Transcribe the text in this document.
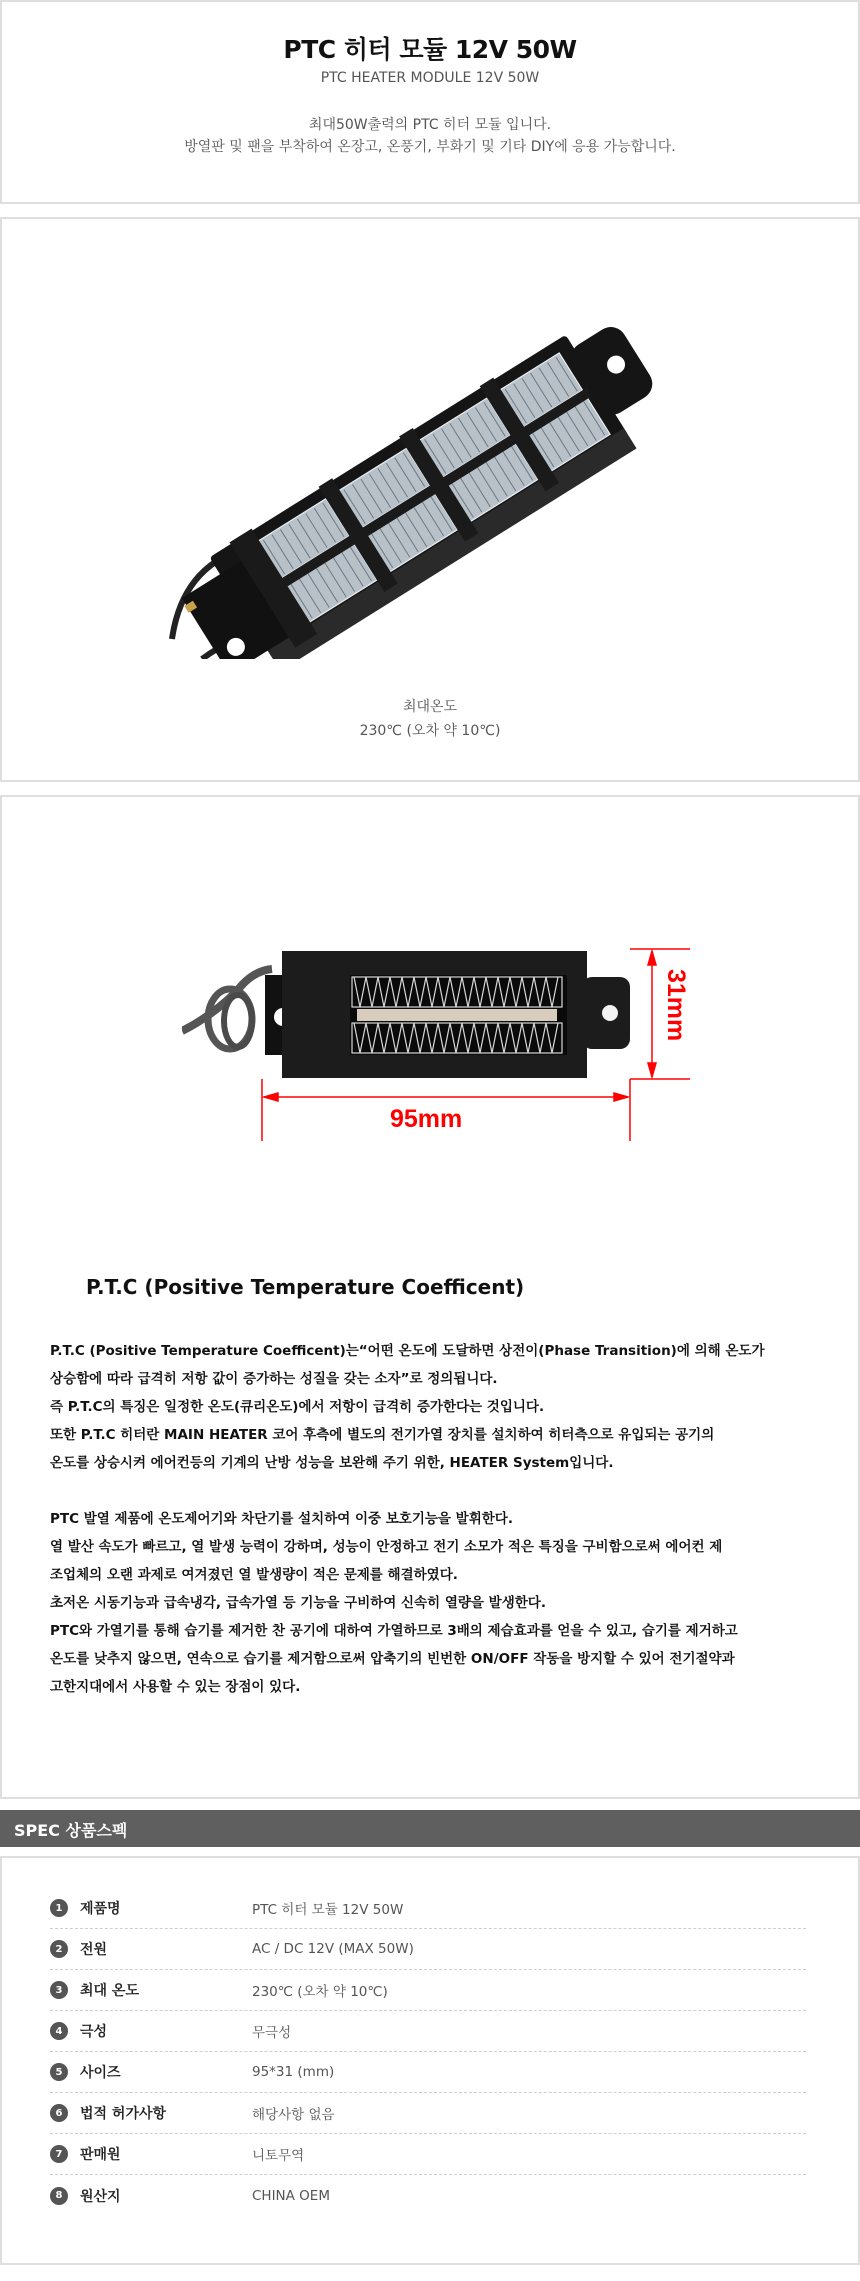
PTC 히터 모듈 12V 50W
PTC HEATER MODULE 12V 50W
최대50W출력의 PTC 히터 모듈 입니다.
방열판 및 팬을 부착하여 온장고, 온풍기, 부화기 및 기타 DIY에 응용 가능합니다.
최대온도
230℃ (오차 약 10℃)
95mm
31mm
P.T.C (Positive Temperature Coefficent)

P.T.C (Positive Temperature Coefficent)는“어떤 온도에 도달하면 상전이(Phase Transition)에 의해 온도가

상승함에 따라 급격히 저항 값이 증가하는 성질을 갖는 소자”로 정의됩니다.

즉 P.T.C의 특징은 일정한 온도(큐리온도)에서 저항이 급격히 증가한다는 것입니다.

또한 P.T.C 히터란 MAIN HEATER 코어 후측에 별도의 전기가열 장치를 설치하여 히터측으로 유입되는 공기의

온도를 상승시켜 에어컨등의 기계의 난방 성능을 보완해 주기 위한, HEATER System입니다.

PTC 발열 제품에 온도제어기와 차단기를 설치하여 이중 보호기능을 발휘한다.

열 발산 속도가 빠르고, 열 발생 능력이 강하며, 성능이 안정하고 전기 소모가 적은 특징을 구비함으로써 에어컨 제

조업체의 오랜 과제로 여겨졌던 열 발생량이 적은 문제를 해결하였다.

초저온 시동기능과 급속냉각, 급속가열 등 기능을 구비하여 신속히 열량을 발생한다.

PTC와 가열기를 통해 습기를 제거한 찬 공기에 대하여 가열하므로 3배의 제습효과를 얻을 수 있고, 습기를 제거하고

온도를 낮추지 않으면, 연속으로 습기를 제거함으로써 압축기의 빈번한 ON/OFF 작동을 방지할 수 있어 전기절약과

고한지대에서 사용할 수 있는 장점이 있다.

SPEC 상품스펙
1	제품명	PTC 히터 모듈 12V 50W
2	전원	AC / DC 12V (MAX 50W)
3	최대 온도	230℃ (오차 약 10℃)
4	극성	무극성
5	사이즈	95*31 (mm)
6	법적 허가사항	해당사항 없음
7	판매원	니토무역
8	원산지	CHINA OEM
